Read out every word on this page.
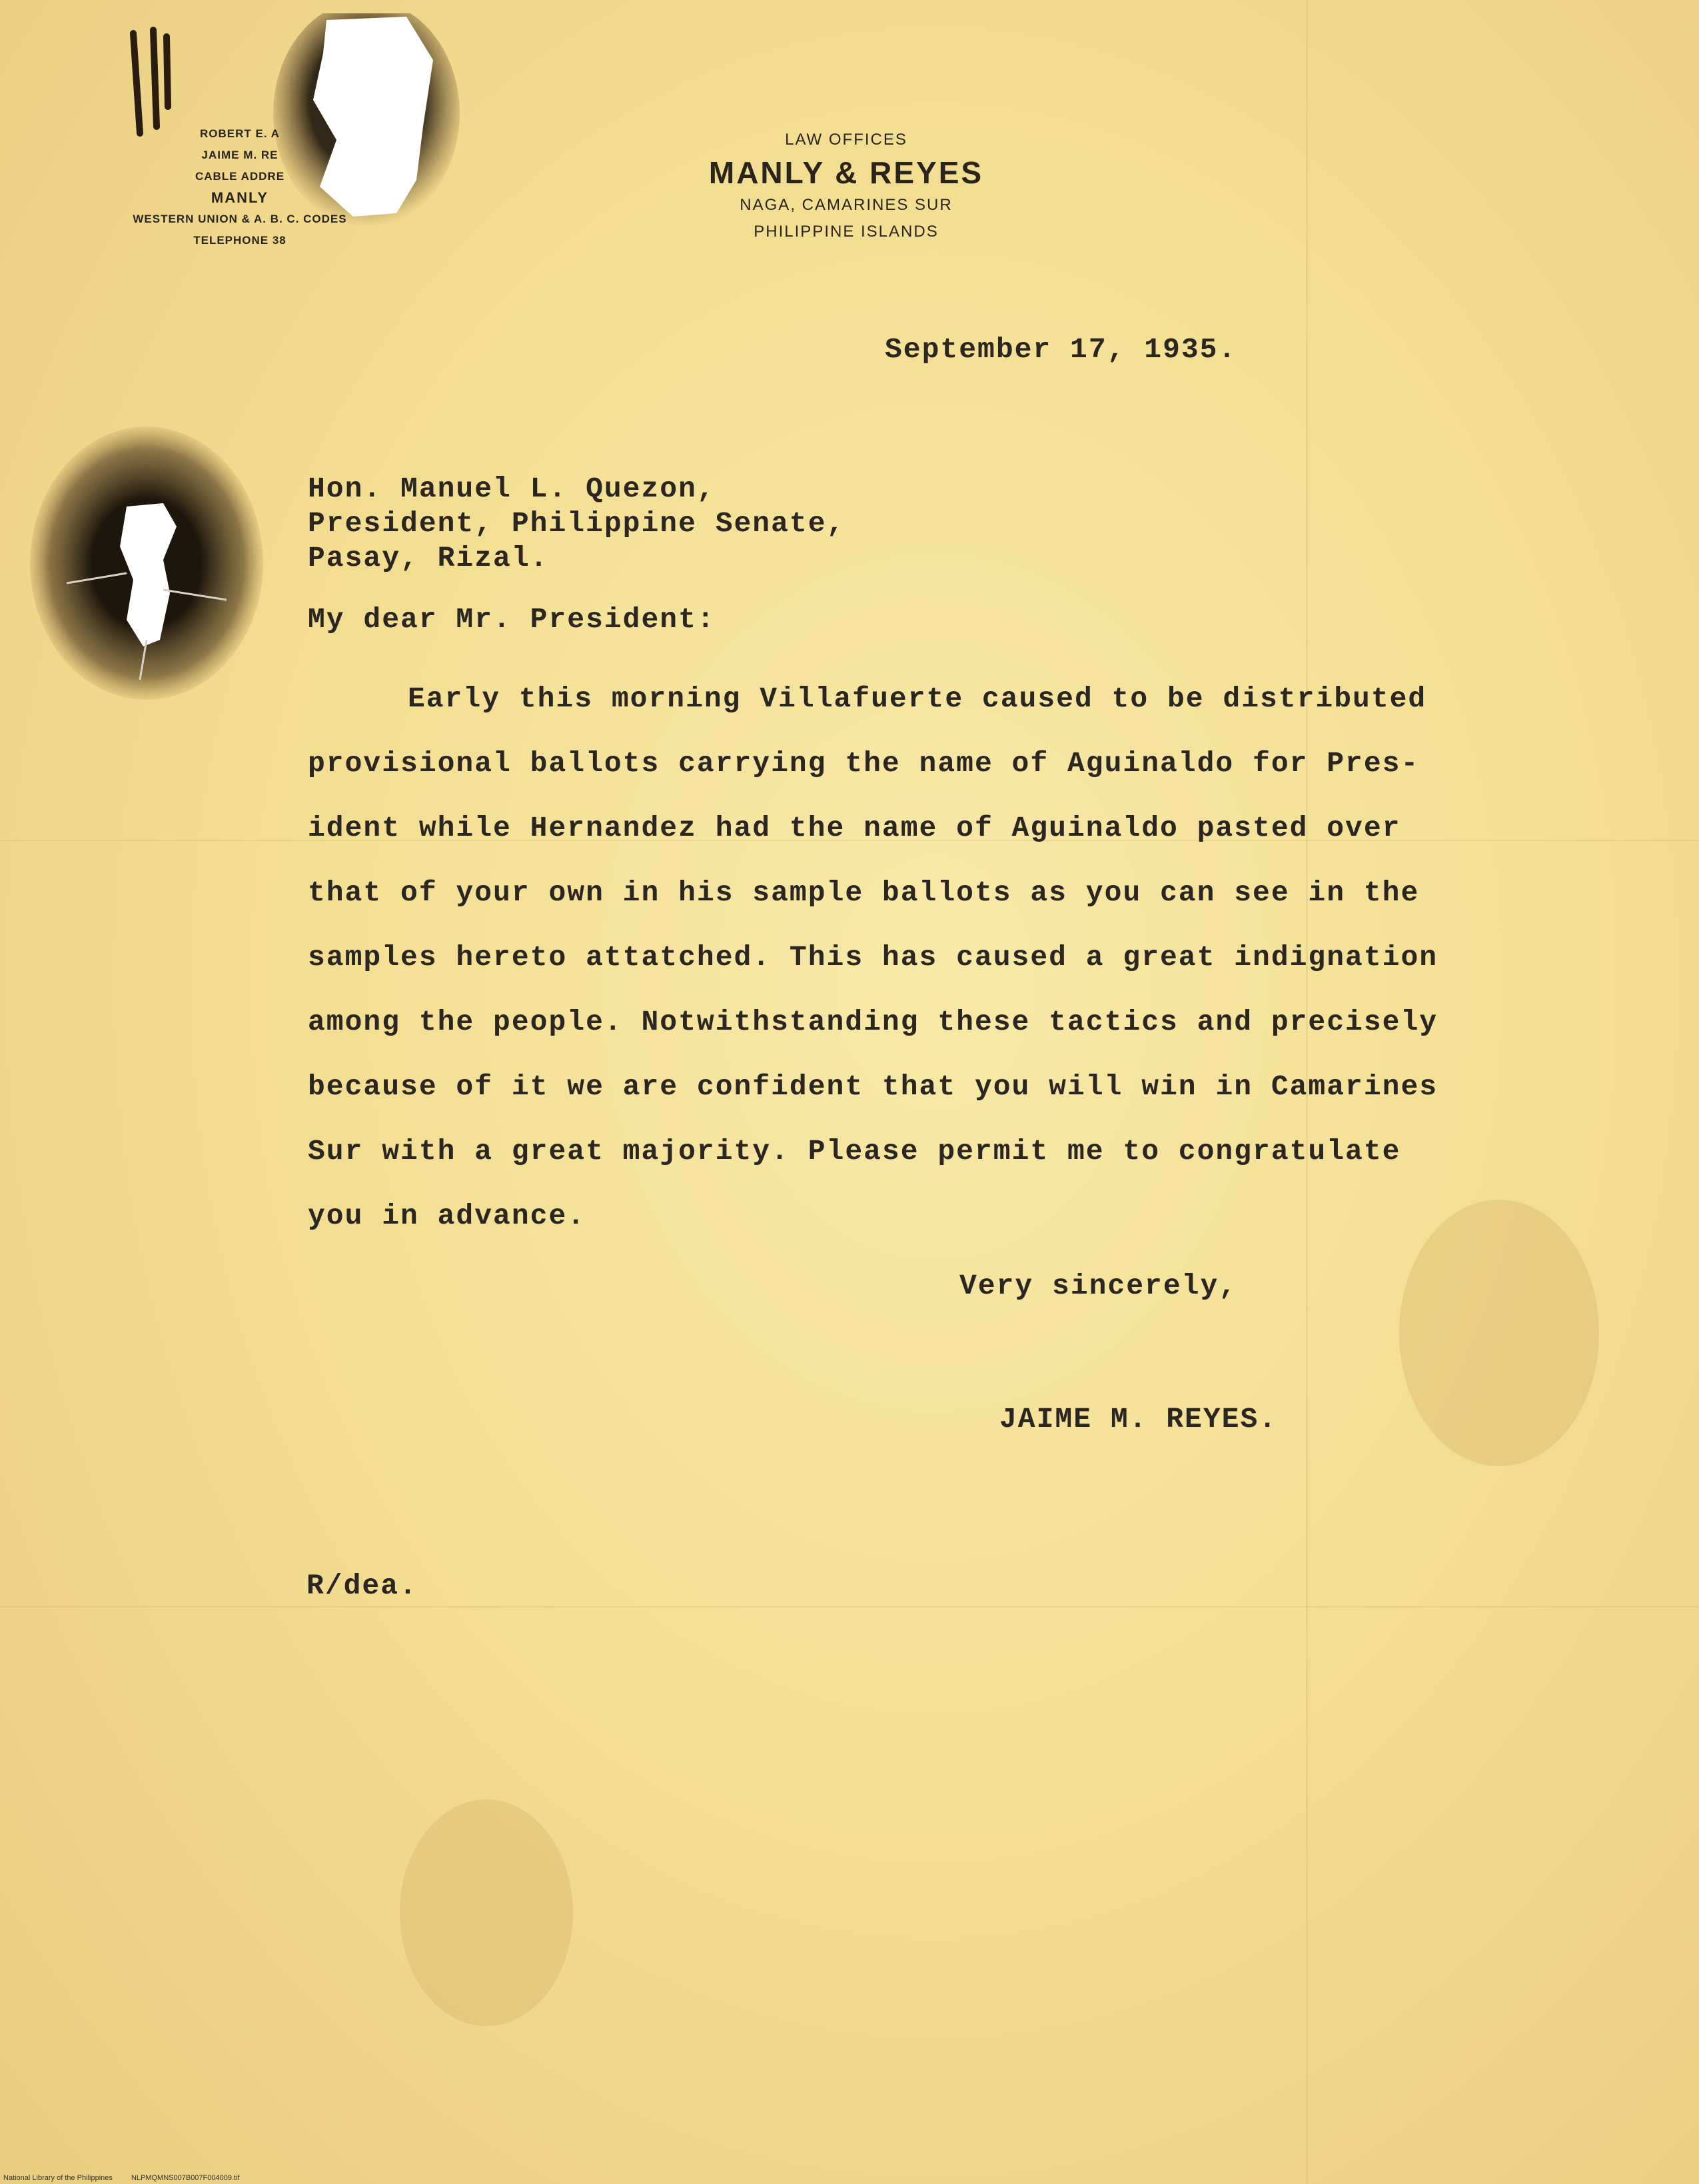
ROBERT E. A
JAIME M. RE
CABLE ADDRE
MANLY
WESTERN UNION & A. B. C. CODES
TELEPHONE 38
LAW OFFICES
MANLY & REYES
NAGA, CAMARINES SUR
PHILIPPINE ISLANDS
September 17, 1935.
Hon. Manuel L. Quezon,
President, Philippine Senate,
Pasay, Rizal.
My dear Mr. President:
Early this morning Villafuerte caused to be distributed
provisional ballots carrying the name of Aguinaldo for Pres-
ident while Hernandez had the name of Aguinaldo pasted over
that of your own in his sample ballots as you can see in the
samples hereto attatched. This has caused a great indignation
among the people. Notwithstanding these tactics and precisely
because of it we are confident that you will win in Camarines
Sur with a great majority. Please permit me to congratulate
you in advance.
Very sincerely,
JAIME M. REYES.
R/dea.
National Library of the Philippines	NLPMQMNS007B007F004009.tif
